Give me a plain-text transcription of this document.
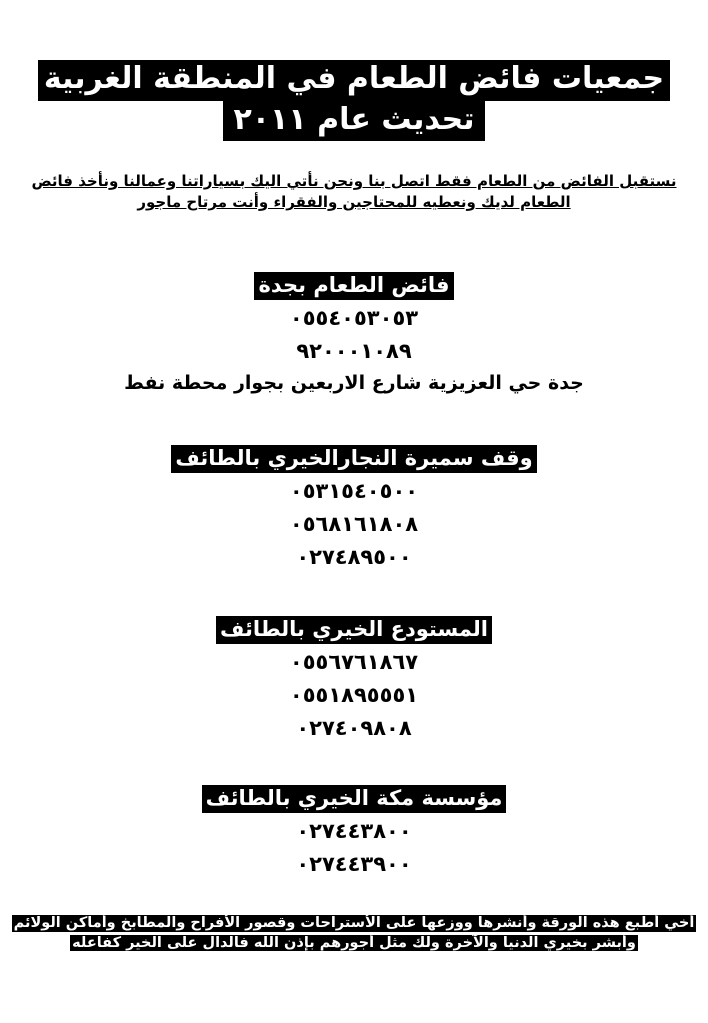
جمعيات فائض الطعام في المنطقة الغربية
تحديث عام ٢٠١١
نستقبل الفائض من الطعام فقط اتصل بنا ونحن نأتي اليك بسياراتنا وعمالنا ونأخذ فائض
الطعام لديك ونعطيه للمحتاجين والفقراء وأنت مرتاح ماجور
فائض الطعام بجدة
٠٥٥٤٠٥٣٠٥٣
٩٢٠٠٠١٠٨٩
جدة حي العزيزية شارع الاربعين بجوار محطة نفط
وقف سميرة النجارالخيري بالطائف
٠٥٣١٥٤٠٥٠٠
٠٥٦٨١٦١٨٠٨
٠٢٧٤٨٩٥٠٠
المستودع الخيري بالطائف
٠٥٥٦٧٦١٨٦٧
٠٥٥١٨٩٥٥٥١
٠٢٧٤٠٩٨٠٨
مؤسسة مكة الخيري بالطائف
٠٢٧٤٤٣٨٠٠
٠٢٧٤٤٣٩٠٠
أخي أطبع هذه الورقة وأنشرها ووزعها على الأستراحات وقصور الأفراح والمطابخ وأماكن الولائم
وأبشر بخيري الدنيا والآخرة ولك مثل أجورهم بإذن الله فالدال على الخير كفاعله
